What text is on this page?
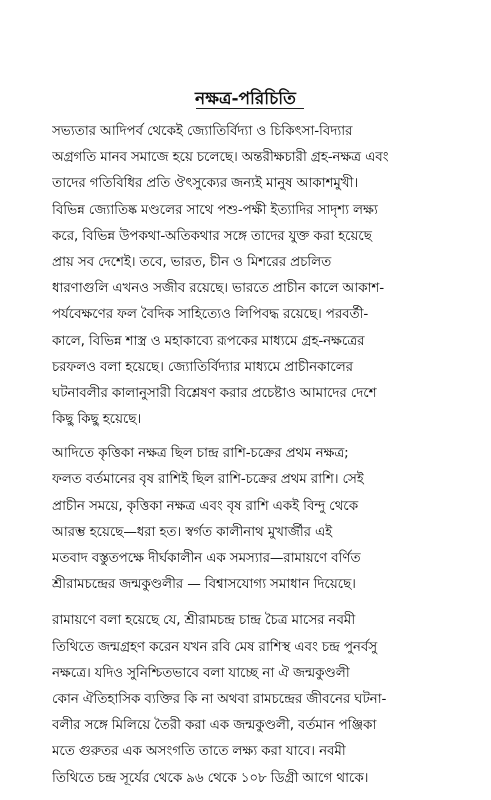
নক্ষত্র-পরিচিতি

সভ্যতার আদিপর্ব থেকেই জ্যোতির্বিদ্যা ও চিকিৎসা-বিদ্যার
অগ্রগতি মানব সমাজে হয়ে চলেছে। অন্তরীক্ষচারী গ্রহ-নক্ষত্র এবং
তাদের গতিবিধির প্রতি ঔৎসুক্যের জন্যই মানুষ আকাশমুখী।
বিভিন্ন জ্যোতিষ্ক মণ্ডলের সাথে পশু-পক্ষী ইত্যাদির সাদৃশ্য লক্ষ্য
করে, বিভিন্ন উপকথা-অতিকথার সঙ্গে তাদের যুক্ত করা হয়েছে
প্রায় সব দেশেই। তবে, ভারত, চীন ও মিশরের প্রচলিত
ধারণাগুলি এখনও সজীব রয়েছে। ভারতে প্রাচীন কালে আকাশ-
পর্যবেক্ষণের ফল বৈদিক সাহিত্যেও লিপিবদ্ধ রয়েছে। পরবর্তী-
কালে, বিভিন্ন শাস্ত্র ও মহাকাব্যে রূপকের মাধ্যমে গ্রহ-নক্ষত্রের
চরফলও বলা হয়েছে। জ্যোতির্বিদ্যার মাধ্যমে প্রাচীনকালের
ঘটনাবলীর কালানুসারী বিশ্লেষণ করার প্রচেষ্টাও আমাদের দেশে
কিছু কিছু হয়েছে।

আদিতে কৃত্তিকা নক্ষত্র ছিল চান্দ্র রাশি-চক্রের প্রথম নক্ষত্র;
ফলত বর্তমানের বৃষ রাশিই ছিল রাশি-চক্রের প্রথম রাশি। সেই
প্রাচীন সময়ে, কৃত্তিকা নক্ষত্র এবং বৃষ রাশি একই বিন্দু থেকে
আরম্ভ হয়েছে—ধরা হত। স্বর্গত কালীনাথ মুখার্জীর এই
মতবাদ বস্তুতপক্ষে দীর্ঘকালীন এক সমস্যার—রামায়ণে বর্ণিত
শ্রীরামচন্দ্রের জন্মকুণ্ডলীর — বিশ্বাসযোগ্য সমাধান দিয়েছে।

রামায়ণে বলা হয়েছে যে, শ্রীরামচন্দ্র চান্দ্র চৈত্র মাসের নবমী
তিথিতে জন্মগ্রহণ করেন যখন রবি মেষ রাশিস্থ এবং চন্দ্র পুনর্বসু
নক্ষত্রে। যদিও সুনিশ্চিতভাবে বলা যাচ্ছে না ঐ জন্মকুণ্ডলী
কোন ঐতিহাসিক ব্যক্তির কি না অথবা রামচন্দ্রের জীবনের ঘটনা-
বলীর সঙ্গে মিলিয়ে তৈরী করা এক জন্মকুণ্ডলী, বর্তমান পঞ্জিকা
মতে গুরুতর এক অসংগতি তাতে লক্ষ্য করা যাবে। নবমী
তিথিতে চন্দ্র সূর্যের থেকে ৯৬ থেকে ১০৮ ডিগ্রী আগে থাকে।
